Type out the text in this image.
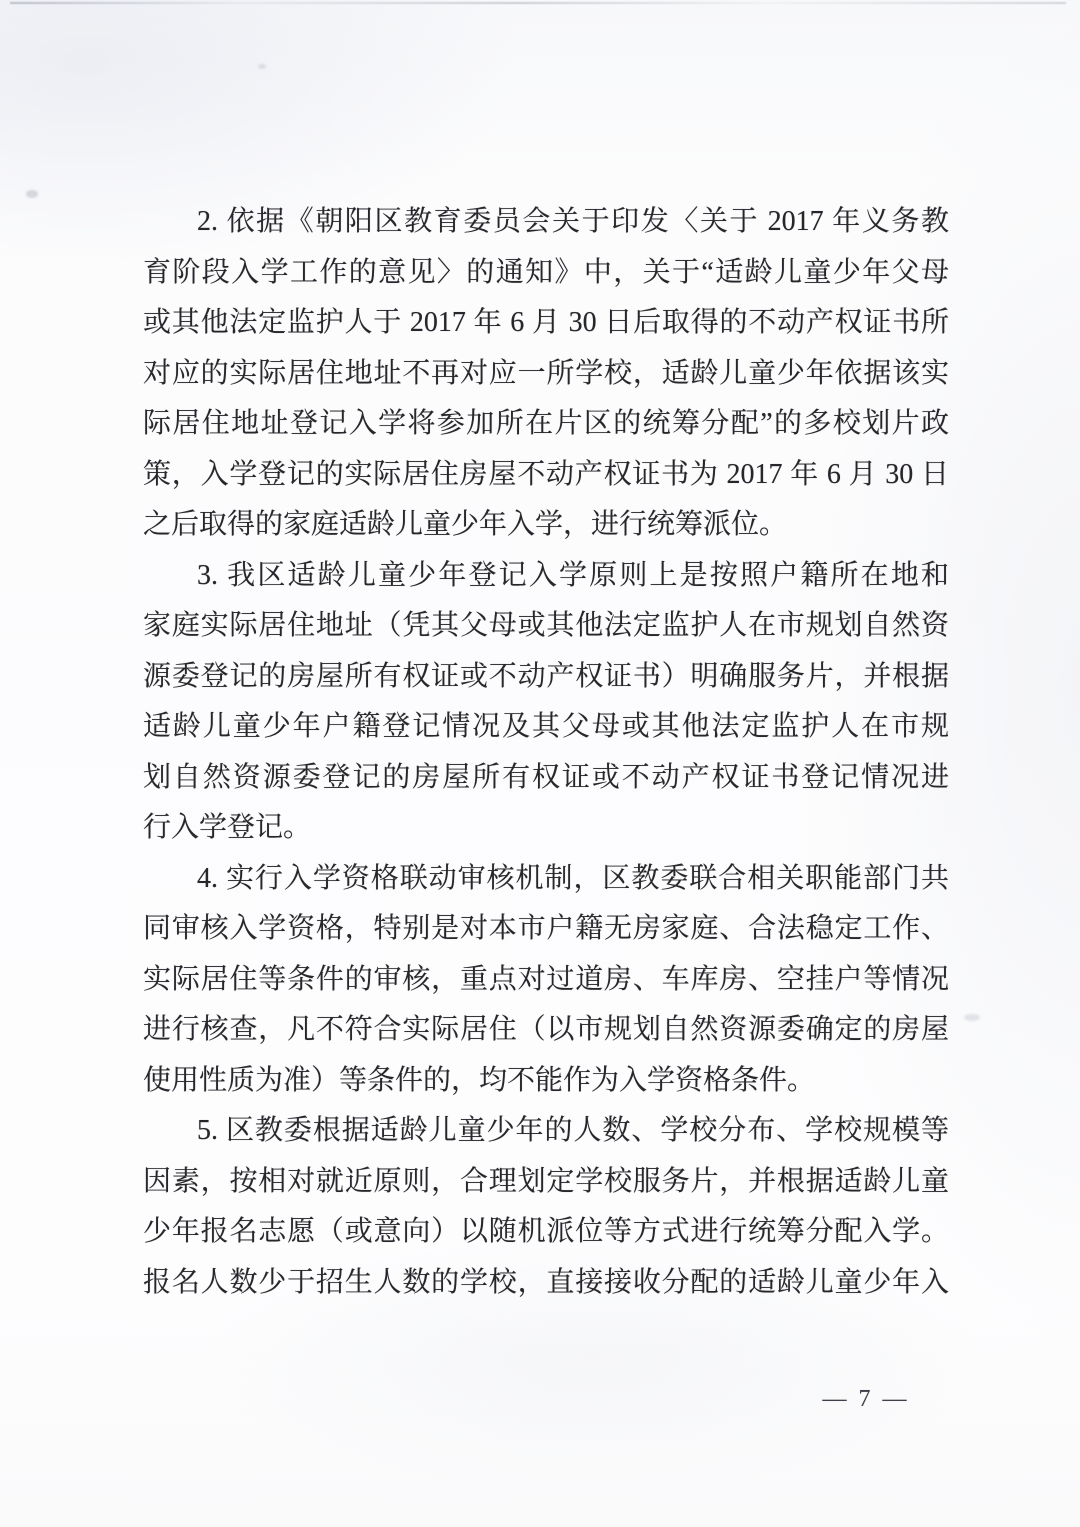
2. 依据《朝阳区教育委员会关于印发〈关于 2017 年义务教
育阶段入学工作的意见〉的通知》中，关于“适龄儿童少年父母
或其他法定监护人于 2017 年 6 月 30 日后取得的不动产权证书所
对应的实际居住地址不再对应一所学校，适龄儿童少年依据该实
际居住地址登记入学将参加所在片区的统筹分配”的多校划片政
策，入学登记的实际居住房屋不动产权证书为 2017 年 6 月 30 日
之后取得的家庭适龄儿童少年入学，进行统筹派位。

3. 我区适龄儿童少年登记入学原则上是按照户籍所在地和
家庭实际居住地址（凭其父母或其他法定监护人在市规划自然资
源委登记的房屋所有权证或不动产权证书）明确服务片，并根据
适龄儿童少年户籍登记情况及其父母或其他法定监护人在市规
划自然资源委登记的房屋所有权证或不动产权证书登记情况进
行入学登记。

4. 实行入学资格联动审核机制，区教委联合相关职能部门共
同审核入学资格，特别是对本市户籍无房家庭、合法稳定工作、
实际居住等条件的审核，重点对过道房、车库房、空挂户等情况
进行核查，凡不符合实际居住（以市规划自然资源委确定的房屋
使用性质为准）等条件的，均不能作为入学资格条件。

5. 区教委根据适龄儿童少年的人数、学校分布、学校规模等
因素，按相对就近原则，合理划定学校服务片，并根据适龄儿童
少年报名志愿（或意向）以随机派位等方式进行统筹分配入学。
报名人数少于招生人数的学校，直接接收分配的适龄儿童少年入

— 7 —
